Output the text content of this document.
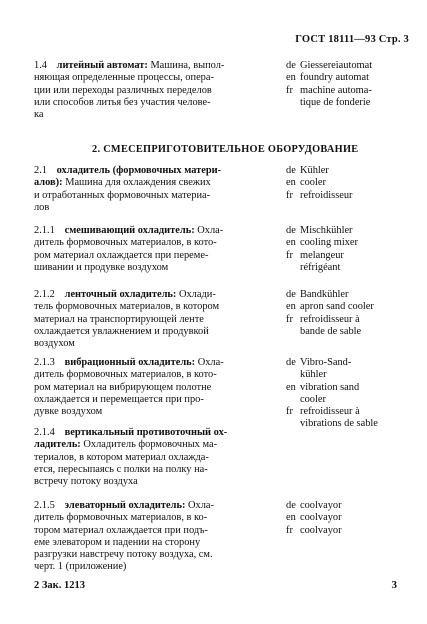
ГОСТ 18111—93 Стр. 3
1.4 литейный автомат: Машина, выпол-
няющая определенные процессы, опера-
ции или переходы различных переделов
или способов литья без участия челове-
ка
de Giessereiautomat
en foundry automat
fr machine automa-
tique de fonderie
2. СМЕСЕПРИГОТОВИТЕЛЬНОЕ ОБОРУДОВАНИЕ
2.1 охладитель (формовочных матери-
алов): Машина для охлаждения свежих
и отработанных формовочных материа-
лов
de Kühler
en cooler
fr refroidisseur
2.1.1 смешивающий охладитель: Охла-
дитель формовочных материалов, в кото-
ром материал охлаждается при переме-
шивании и продувке воздухом
de Mischkühler
en cooling mixer
fr melangeur
réfrigéant
2.1.2 ленточный охладитель: Охлади-
тель формовочных материалов, в котором
материал на транспортирующей ленте
охлаждается увлажнением и продувкой
воздухом
de Bandkühler
en apron sand cooler
fr refroidisseur à
bande de sable
2.1.3 вибрационный охладитель: Охла-
дитель формовочных материалов, в кото-
ром материал на вибрирующем полотне
охлаждается и перемещается при про-
дувке воздухом
de Vibro-Sand-
kühler
en vibration sand
cooler
fr refroidisseur à
vibrations de sable
2.1.4 вертикальный противоточный ох-
ладитель: Охладитель формовочных ма-
териалов, в котором материал охлажда-
ется, пересыпаясь с полки на полку на-
встречу потоку воздуха
2.1.5 элеваторный охладитель: Охла-
дитель формовочных материалов, в ко-
тором материал охлаждается при подъ-
еме элеватором и падении на сторону
разгрузки навстречу потоку воздуха, см.
черт. 1 (приложение)
de coolvayor
en coolvayor
fr coolvayor
2 Зак. 1213	3
